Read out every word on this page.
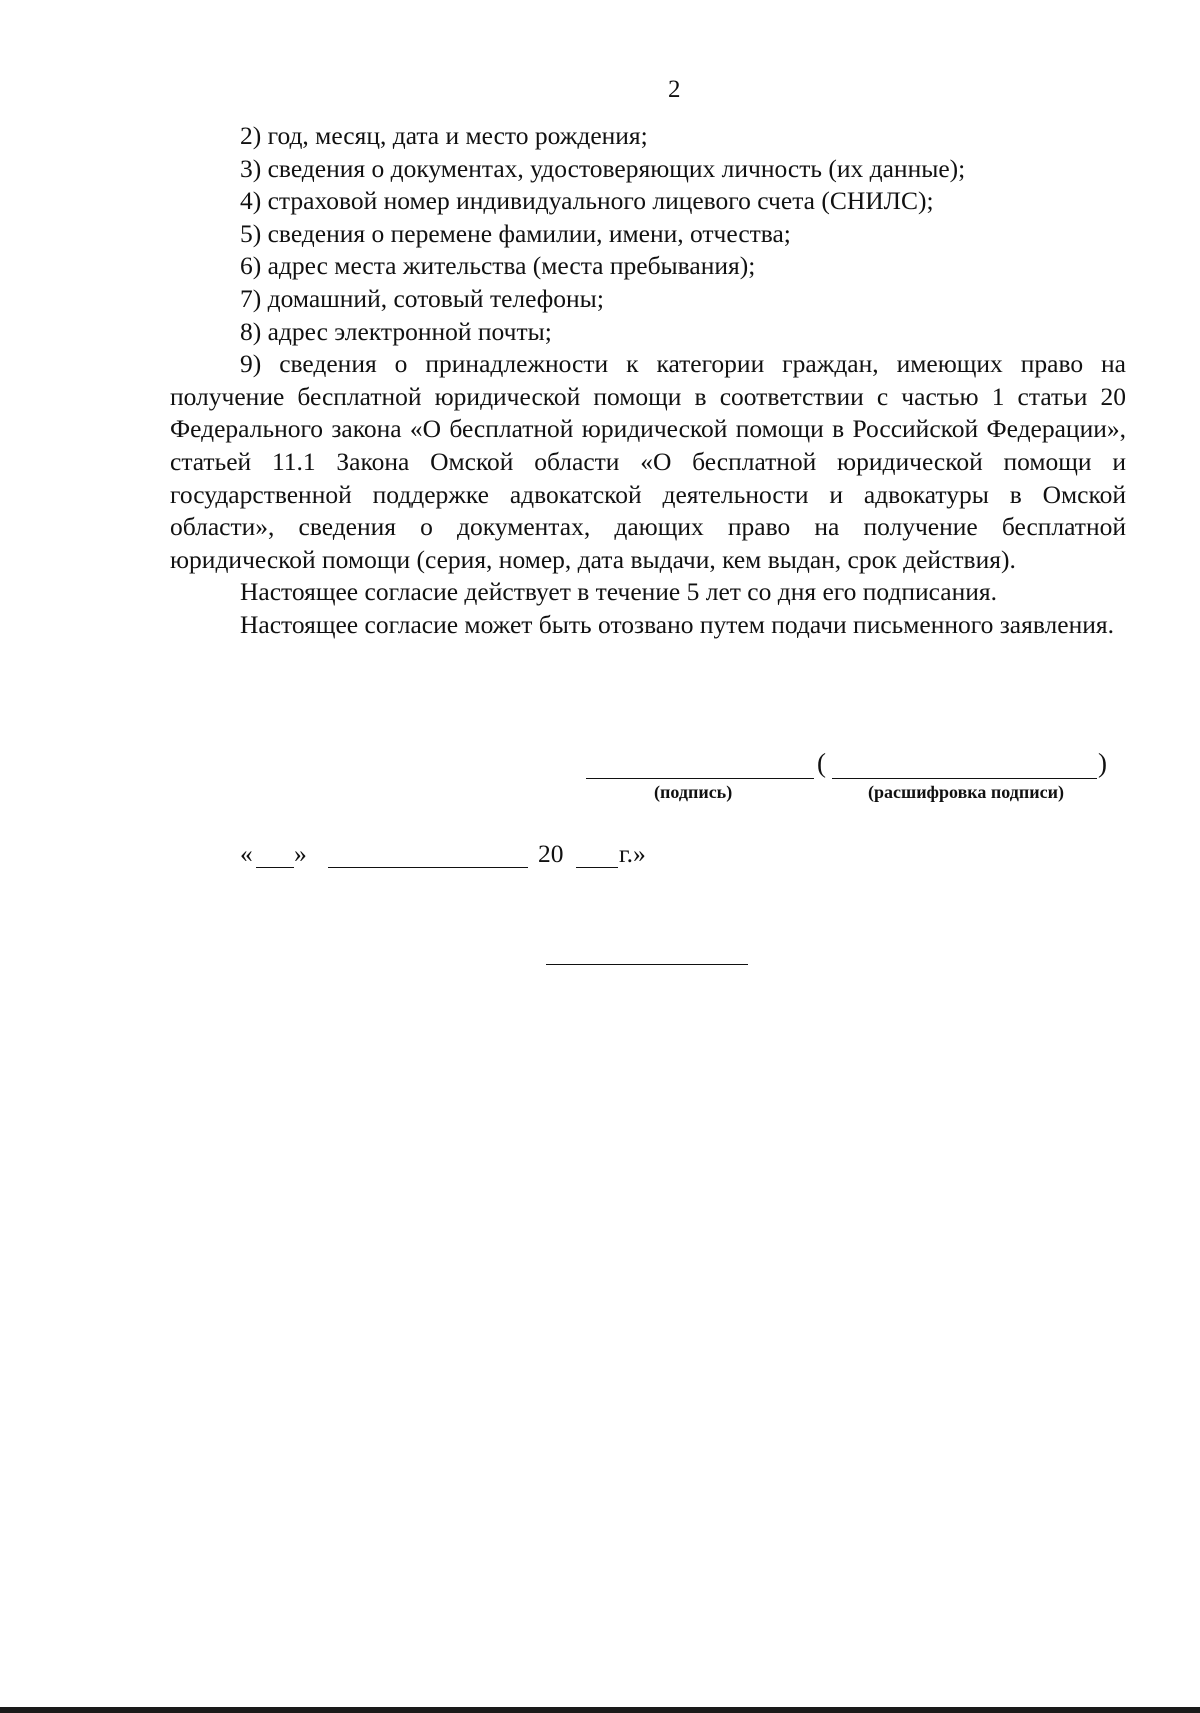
2

2) год, месяц, дата и место рождения;

3) сведения о документах, удостоверяющих личность (их данные);

4) страховой номер индивидуального лицевого счета (СНИЛС);

5) сведения о перемене фамилии, имени, отчества;

6) адрес места жительства (места пребывания);

7) домашний, сотовый телефоны;

8) адрес электронной почты;

9) сведения о принадлежности к категории граждан, имеющих право на получение бесплатной юридической помощи в соответствии с частью 1 статьи 20 Федерального закона «О бесплатной юридической помощи в Российской Федерации», статьей 11.1 Закона Омской области «О бесплатной юридической помощи и государственной поддержке адвокатской деятельности и адвокатуры в Омской области», сведения о документах, дающих право на получение бесплатной юридической помощи (серия, номер, дата выдачи, кем выдан, срок действия).

Настоящее согласие действует в течение 5 лет со дня его подписания.

Настоящее согласие может быть отозвано путем подачи письменного заявления.

(	)
(подпись)	(расшифровка подписи)
« »	20 г.»
